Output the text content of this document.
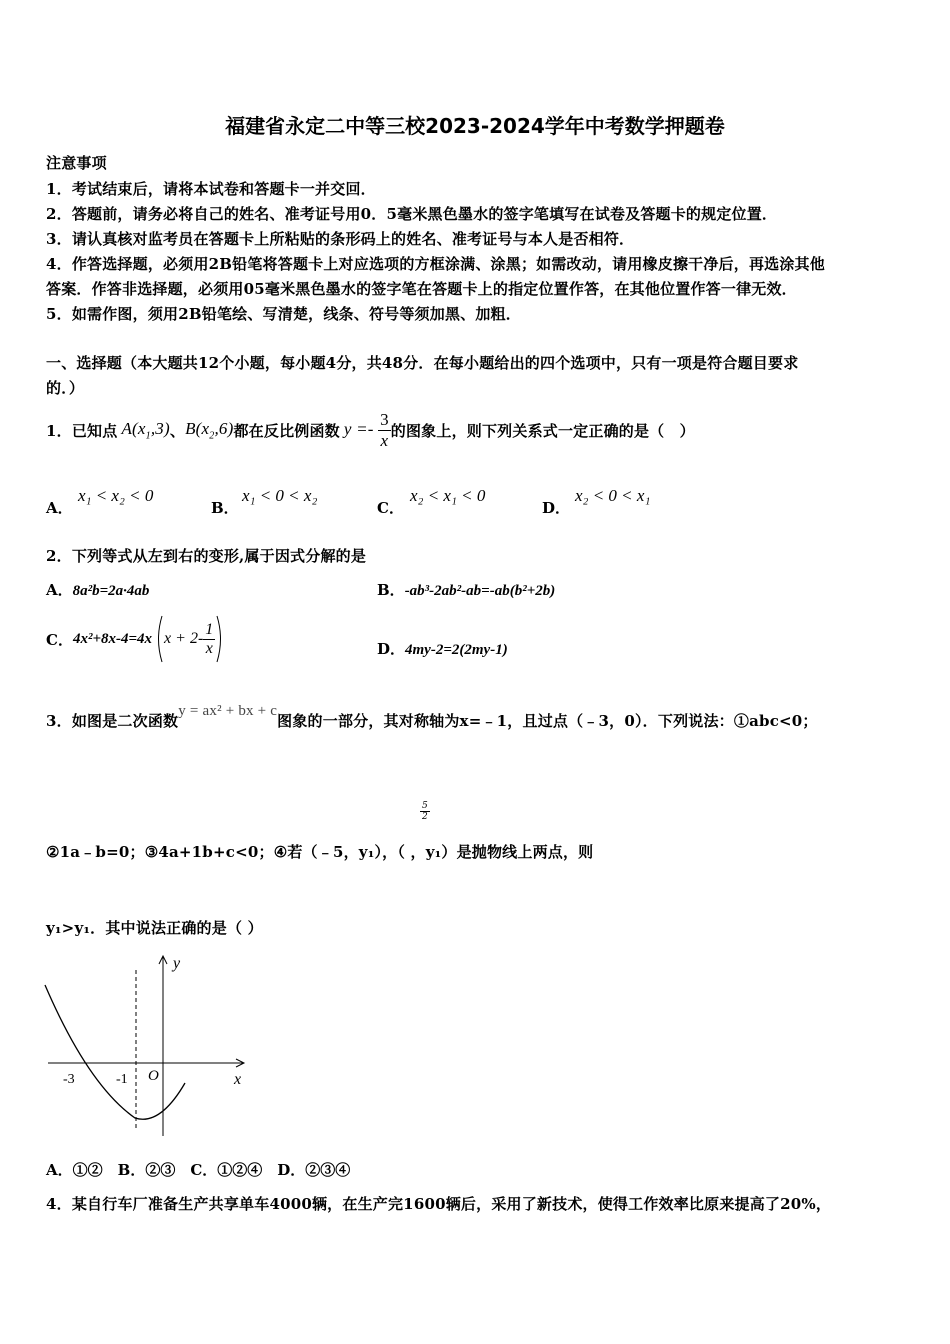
福建省永定二中等三校2023-2024学年中考数学押题卷
注意事项
1．考试结束后，请将本试卷和答题卡一并交回．
2．答题前，请务必将自己的姓名、准考证号用0．5毫米黑色墨水的签字笔填写在试卷及答题卡的规定位置．
3．请认真核对监考员在答题卡上所粘贴的条形码上的姓名、准考证号与本人是否相符．
4．作答选择题，必须用2B铅笔将答题卡上对应选项的方框涂满、涂黑；如需改动，请用橡皮擦干净后，再选涂其他
答案．作答非选择题，必须用05毫米黑色墨水的签字笔在答题卡上的指定位置作答，在其他位置作答一律无效．
5．如需作图，须用2B铅笔绘、写清楚，线条、符号等须加黑、加粗．
一、选择题（本大题共12个小题，每小题4分，共48分．在每小题给出的四个选项中，只有一项是符合题目要求
的．）
1．已知点 $A(x_1,3)$ 、 $B(x_2,6)$ 都在反比例函数 $y =- \frac{3}{x}$ 的图象上，则下列关系式一定正确的是（　）
A．
x₁ < x₂ < 0
B．
x₁ < 0 < x₂
C．
x₂ < x₁ < 0
D．
x₂ < 0 < x₁
2．下列等式从左到右的变形,属于因式分解的是
A．8a²b=2a·4ab	B．-ab³-2ab²-ab=-ab(b²+2b)
C． 4x²+8x-4=4x $x + 2- \frac{1}{x}$	D．4my-2=2(2my-1)
3．如图是二次函数
y = ax² + bx + c
图象的一部分，其对称轴为x=﹣1，且过点（﹣3，0）．下列说法：①abc<0；
$\frac{5}{2}$
②1a﹣b=0；③4a+1b+c<0；④若（﹣5，y₁），（ ，y₁）是抛物线上两点，则
y₁>y₁．其中说法正确的是（ ）
y
x
O
-3	-1
A．①②　B．②③　C．①②④　D．②③④
4．某自行车厂准备生产共享单车4000辆，在生产完1600辆后，采用了新技术，使得工作效率比原来提高了20%，
